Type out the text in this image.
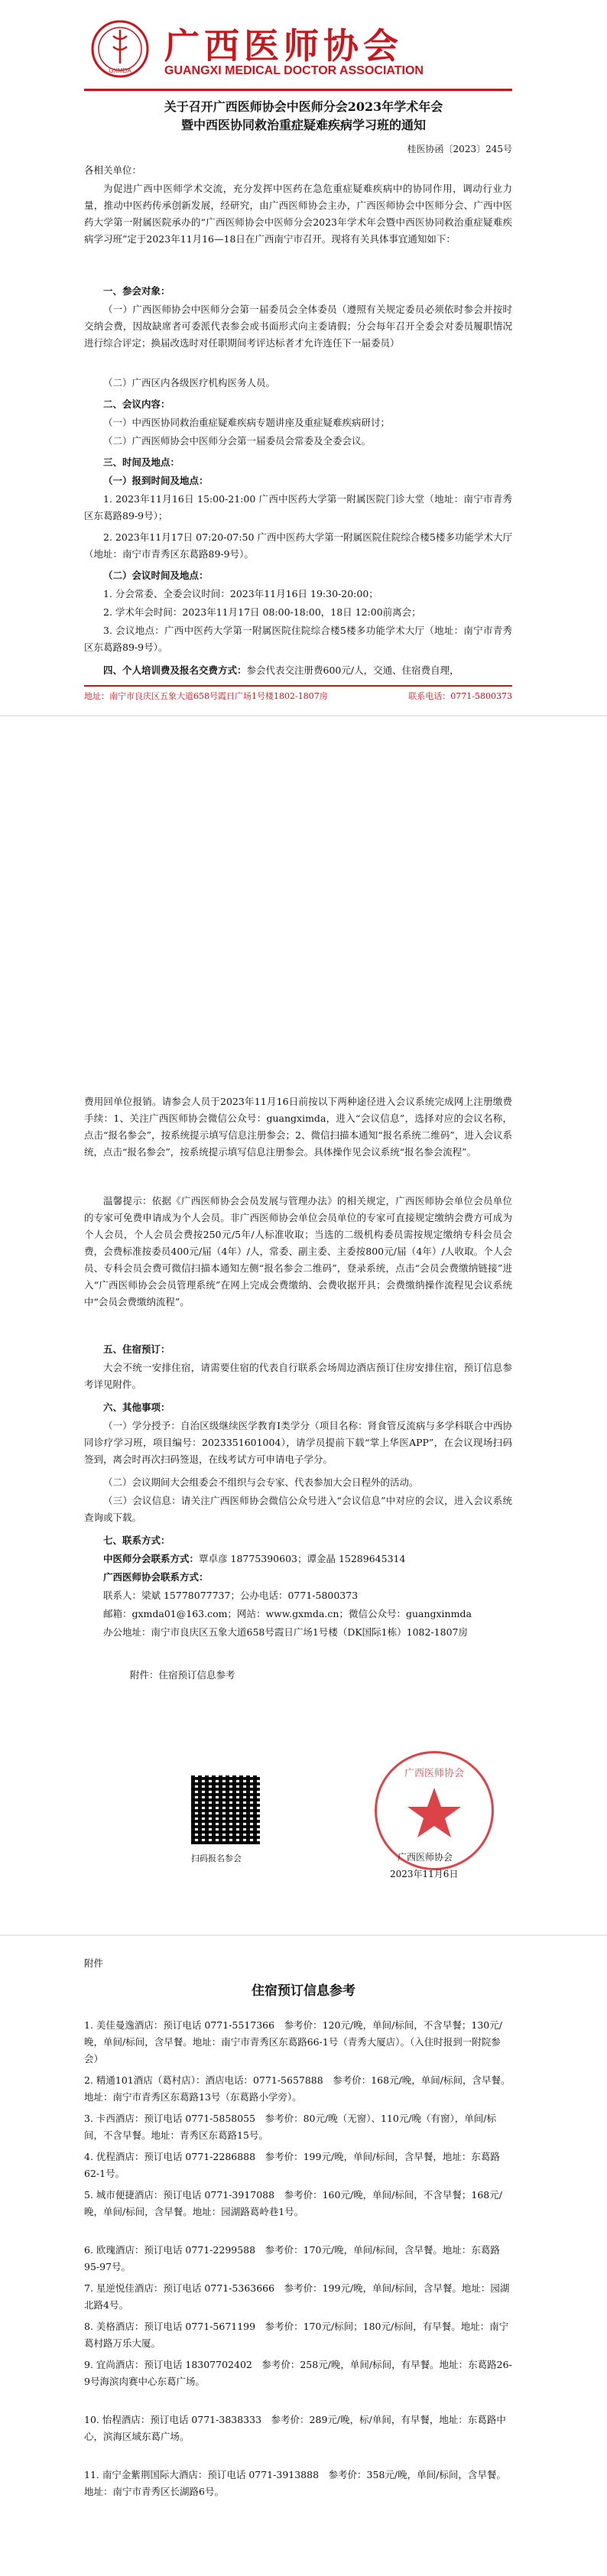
GXMDA
广西医师协会
GUANGXI MEDICAL DOCTOR ASSOCIATION
关于召开广西医师协会中医师分会2023年学术年会
暨中西医协同救治重症疑难疾病学习班的通知
桂医协函〔2023〕245号
各相关单位：
为促进广西中医师学术交流，充分发挥中医药在急危重症疑难疾病中的协同作用，调动行业力量，推动中医药传承创新发展，经研究，由广西医师协会主办，广西医师协会中医师分会、广西中医药大学第一附属医院承办的“广西医师协会中医师分会2023年学术年会暨中西医协同救治重症疑难疾病学习班”定于2023年11月16—18日在广西南宁市召开。现将有关具体事宜通知如下：
一、参会对象：
（一）广西医师协会中医师分会第一届委员会全体委员（遵照有关规定委员必须依时参会并按时交纳会费，因故缺席者可委派代表参会或书面形式向主委请假；分会每年召开全委会对委员履职情况进行综合评定；换届改选时对任职期间考评达标者才允许连任下一届委员）
（二）广西区内各级医疗机构医务人员。
二、会议内容：
（一）中西医协同救治重症疑难疾病专题讲座及重症疑难疾病研讨；
（二）广西医师协会中医师分会第一届委员会常委及全委会议。
三、时间及地点：
（一）报到时间及地点：
1. 2023年11月16日 15:00-21:00 广西中医药大学第一附属医院门诊大堂（地址：南宁市青秀区东葛路89-9号）；
2. 2023年11月17日 07:20-07:50 广西中医药大学第一附属医院住院综合楼5楼多功能学术大厅（地址：南宁市青秀区东葛路89-9号）。
（二）会议时间及地点：
1. 分会常委、全委会议时间：2023年11月16日 19:30-20:00；
2. 学术年会时间：2023年11月17日 08:00-18:00，18日 12:00前离会；
3. 会议地点：广西中医药大学第一附属医院住院综合楼5楼多功能学术大厅（地址：南宁市青秀区东葛路89-9号）。
四、个人培训费及报名交费方式：参会代表交注册费600元/人，交通、住宿费自理，
地址：南宁市良庆区五象大道658号霞日广场1号楼1802-1807房	联系电话：0771-5800373
费用回单位报销。请参会人员于2023年11月16日前按以下两种途径进入会议系统完成网上注册缴费手续：1、关注广西医师协会微信公众号：guangximda，进入“会议信息”，选择对应的会议名称，点击“报名参会”，按系统提示填写信息注册参会；2、微信扫描本通知“报名系统二维码”，进入会议系统，点击“报名参会”，按系统提示填写信息注册参会。具体操作见会议系统“报名参会流程”。
温馨提示：依据《广西医师协会会员发展与管理办法》的相关规定，广西医师协会单位会员单位的专家可免费申请成为个人会员。非广西医师协会单位会员单位的专家可直接规定缴纳会费方可成为个人会员，个人会员会费按250元/5年/人标准收取；当选的二级机构委员需按规定缴纳专科会员会费，会费标准按委员400元/届（4年）/人，常委、副主委、主委按800元/届（4年）/人收取。个人会员、专科会员会费可微信扫描本通知左侧“报名参会二维码”，登录系统，点击“会员会费缴纳链接”进入“广西医师协会会员管理系统”在网上完成会费缴纳、会费收据开具；会费缴纳操作流程见会议系统中“会员会费缴纳流程”。
五、住宿预订：
大会不统一安排住宿，请需要住宿的代表自行联系会场周边酒店预订住房安排住宿，预订信息参考详见附件。
六、其他事项：
（一）学分授予：自治区级继续医学教育Ⅰ类学分（项目名称：肾食管反流病与多学科联合中西协同诊疗学习班，项目编号：2023351601004），请学员提前下载“掌上华医APP”，在会议现场扫码签到，离会时再次扫码签退，在线考试方可申请电子学分。
（二）会议期间大会组委会不组织与会专家、代表参加大会日程外的活动。
（三）会议信息：请关注广西医师协会微信公众号进入“会议信息”中对应的会议，进入会议系统查询或下载。
七、联系方式：
中医师分会联系方式：覃卓彦 18775390603；谭金晶 15289645314
广西医师协会联系方式：
联系人：梁斌 15778077737；公办电话：0771-5800373
邮箱：gxmda01@163.com；网站：www.gxmda.cn；微信公众号：guangxinmda
办公地址：南宁市良庆区五象大道658号霞日广场1号楼（DK国际1栋）1082-1807房
附件：住宿预订信息参考
扫码报名参会
广西医师协会
广西医师协会
2023年11月6日
附件
住宿预订信息参考
1. 美佳曼逸酒店：预订电话 0771-5517366　参考价：120元/晚，单间/标间，不含早餐；130元/晚，单间/标间，含早餐。地址：南宁市青秀区东葛路66-1号（青秀大厦店）。（入住时报到一附院参会）
2. 精通101酒店（葛村店）：酒店电话：0771-5657888　参考价：168元/晚，单间/标间，含早餐。地址：南宁市青秀区东葛路13号（东葛路小学旁）。
3. 卡西酒店：预订电话 0771-5858055　参考价：80元/晚（无窗）、110元/晚（有窗），单间/标间，不含早餐。地址：青秀区东葛路15号。
4. 优程酒店：预订电话 0771-2286888　参考价：199元/晚，单间/标间，含早餐，地址：东葛路62-1号。
5. 城市便捷酒店：预订电话 0771-3917088　参考价：160元/晚，单间/标间，不含早餐；168元/晚，单间/标间，含早餐。地址：园湖路葛岭巷1号。
6. 欧瑰酒店：预订电话 0771-2299588　参考价：170元/晚，单间/标间，含早餐。地址：东葛路95-97号。
7. 星逆悦佳酒店：预订电话 0771-5363666　参考价：199元/晚，单间/标间，含早餐。地址：园湖北路4号。
8. 美格酒店：预订电话 0771-5671199　参考价：170元/标间；180元/标间，有早餐。地址：南宁葛村路万乐大厦。
9. 宜尚酒店：预订电话 18307702402　参考价：258元/晚，单间/标间，有早餐。地址：东葛路26-9号海滨肉赛中心东葛广场。
10. 怡程酒店：预订电话 0771-3838333　参考价：289元/晚，标/单间，有早餐，地址：东葛路中心，滨海区域东葛广场。
11. 南宁金紫荆国际大酒店：预订电话 0771-3913888　参考价：358元/晚，单间/标间，含早餐。地址：南宁市青秀区长湖路6号。
